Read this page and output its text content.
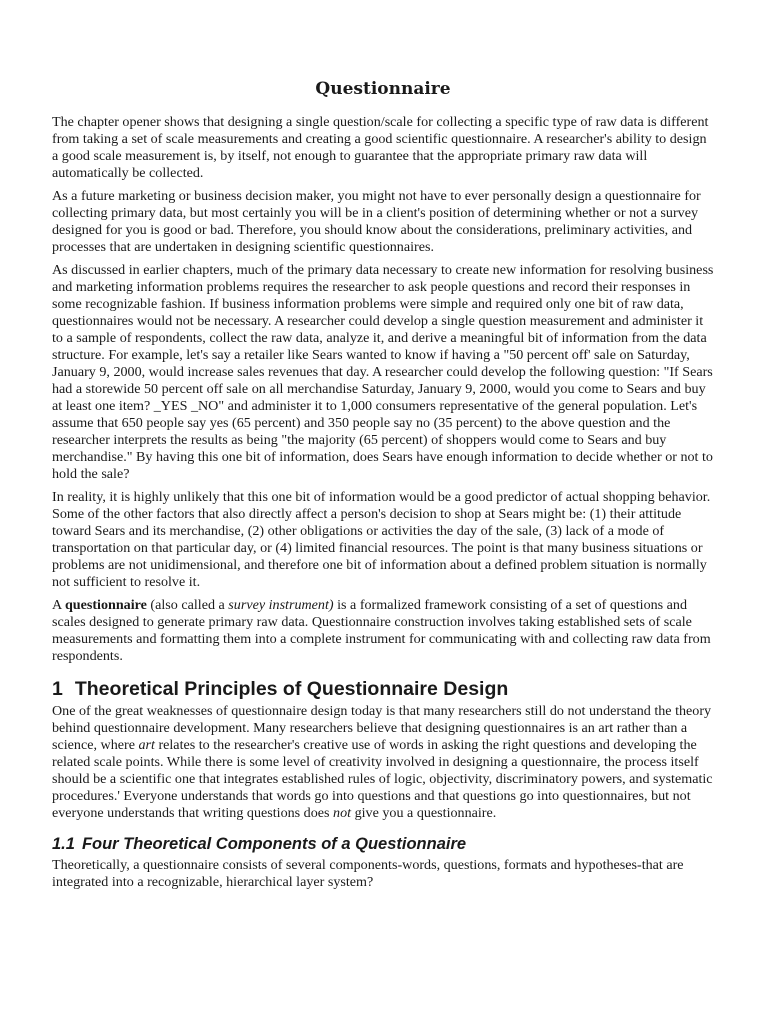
Questionnaire

The chapter opener shows that designing a single question/scale for collecting a specific type of raw data is different from taking a set of scale measurements and creating a good scientific questionnaire. A researcher's ability to design a good scale measurement is, by itself, not enough to guarantee that the appropriate primary raw data will automatically be collected.

As a future marketing or business decision maker, you might not have to ever personally design a questionnaire for collecting primary data, but most certainly you will be in a client's position of determining whether or not a survey designed for you is good or bad. Therefore, you should know about the considerations, preliminary activities, and processes that are undertaken in designing scientific questionnaires.

As discussed in earlier chapters, much of the primary data necessary to create new information for resolving business and marketing information problems requires the researcher to ask people questions and record their responses in some recognizable fashion. If business information problems were simple and required only one bit of raw data, questionnaires would not be necessary. A researcher could develop a single question measurement and administer it to a sample of respondents, collect the raw data, analyze it, and derive a meaningful bit of information from the data structure. For example, let's say a retailer like Sears wanted to know if having a "50 percent off' sale on Saturday, January 9, 2000, would increase sales revenues that day. A researcher could develop the following question: "If Sears had a storewide 50 percent off sale on all merchandise Saturday, January 9, 2000, would you come to Sears and buy at least one item? _YES _NO" and administer it to 1,000 consumers representative of the general population. Let's assume that 650 people say yes (65 percent) and 350 people say no (35 percent) to the above question and the researcher interprets the results as being "the majority (65 percent) of shoppers would come to Sears and buy merchandise." By having this one bit of information, does Sears have enough information to decide whether or not to hold the sale?

In reality, it is highly unlikely that this one bit of information would be a good predictor of actual shopping behavior. Some of the other factors that also directly affect a person's decision to shop at Sears might be: (1) their attitude toward Sears and its merchandise, (2) other obligations or activities the day of the sale, (3) lack of a mode of transportation on that particular day, or (4) limited financial resources. The point is that many business situations or problems are not unidimensional, and therefore one bit of information about a defined problem situation is normally not sufficient to resolve it.

A questionnaire (also called a survey instrument) is a formalized framework consisting of a set of questions and scales designed to generate primary raw data. Questionnaire construction involves taking established sets of scale measurements and formatting them into a complete instrument for communicating with and collecting raw data from respondents.

1 Theoretical Principles of Questionnaire Design

One of the great weaknesses of questionnaire design today is that many researchers still do not understand the theory behind questionnaire development. Many researchers believe that designing questionnaires is an art rather than a science, where art relates to the researcher's creative use of words in asking the right questions and developing the related scale points. While there is some level of creativity involved in designing a questionnaire, the process itself should be a scientific one that integrates established rules of logic, objectivity, discriminatory powers, and systematic procedures.' Everyone understands that words go into questions and that questions go into questionnaires, but not everyone understands that writing questions does not give you a questionnaire.

1.1 Four Theoretical Components of a Questionnaire

Theoretically, a questionnaire consists of several components-words, questions, formats and hypotheses-that are integrated into a recognizable, hierarchical layer system?
